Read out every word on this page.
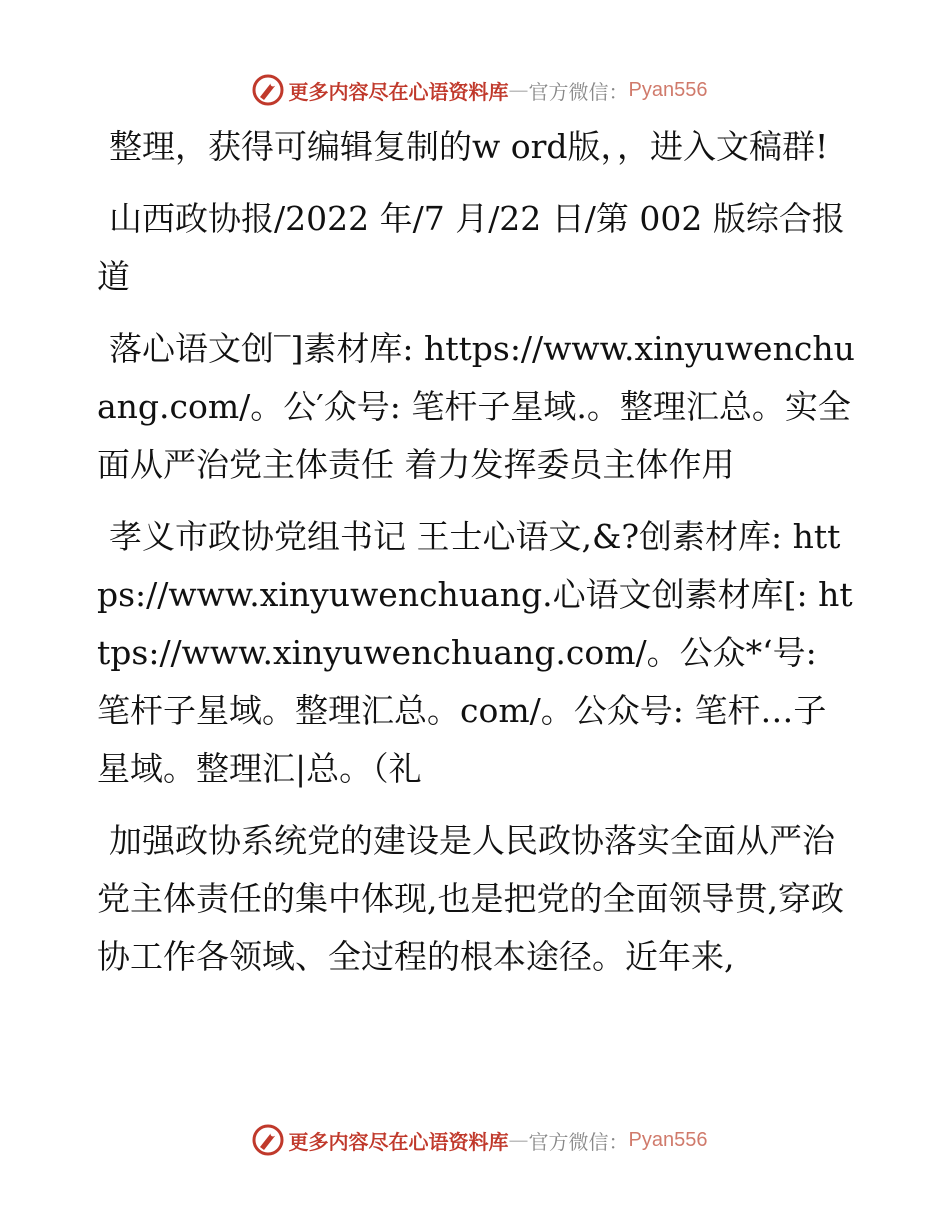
更多内容尽在心语资料库 — 官方微信： Pyan556

整理，获得可编辑复制的w ord版，，进入文稿群!

山西政协报/2022 年/7 月/22 日/第 002 版综合报道

落心语文创‾]素材库: https://www.xinyuwenchuang.com/。公′众号: 笔杆子星域.。整理汇总。实全面从严治党主体责任 着力发挥委员主体作用

孝义市政协党组书记 王士心语文,&?创素材库: https://www.xinyuwenchuang.心语文创素材库[: https://www.xinyuwenchuang.com/。公众*‘号: 笔杆子星域。整理汇总。com/。公众号: 笔杆…子星域。整理汇|总。（礼

加强政协系统党的建设是人民政协落实全面从严治党主体责任的集中体现,也是把党的全面领导贯,穿政协工作各领域、全过程的根本途径。近年来,

更多内容尽在心语资料库 — 官方微信： Pyan556
